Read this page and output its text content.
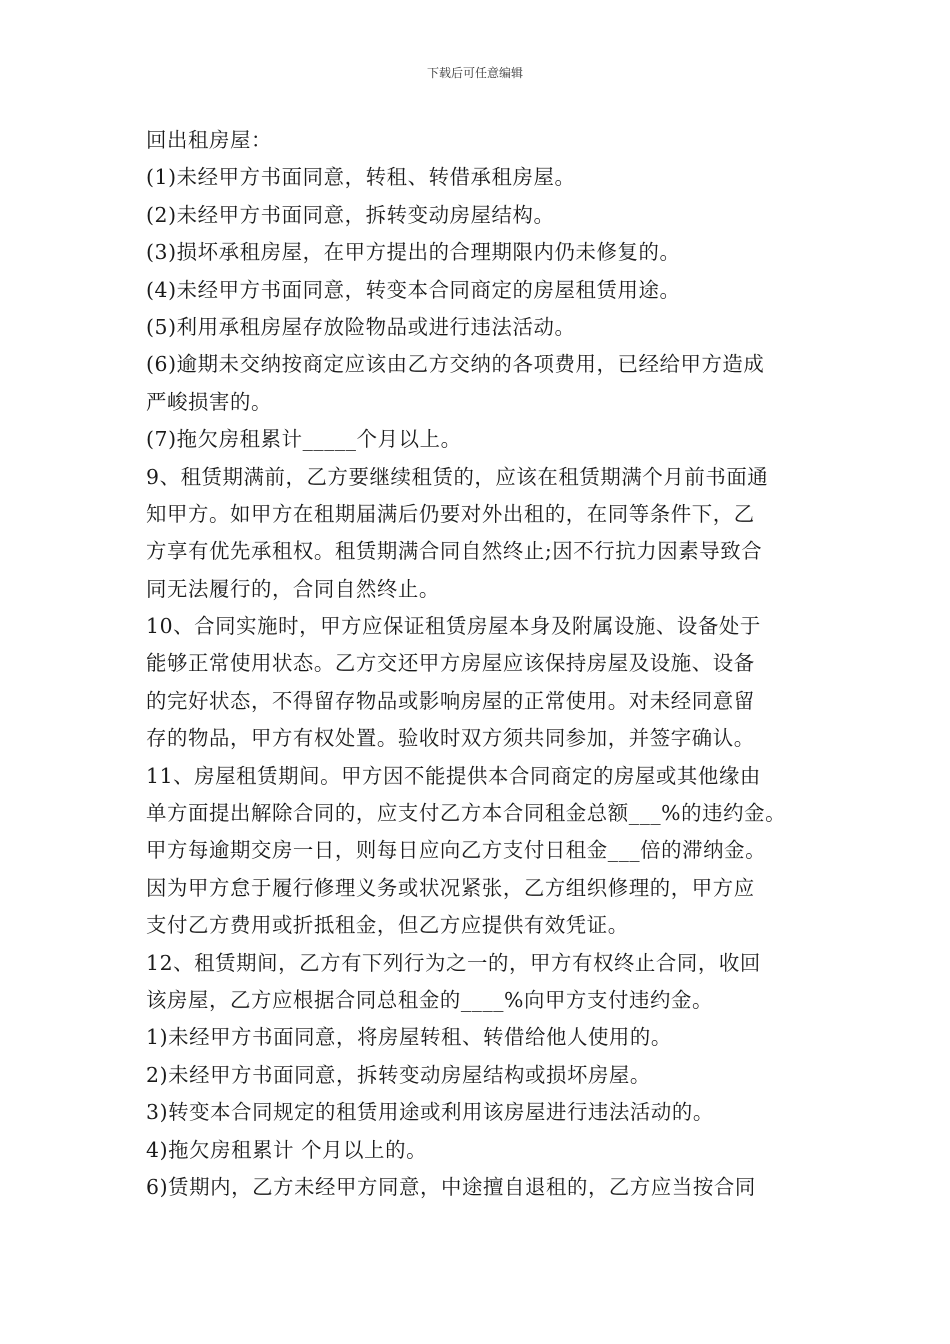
下载后可任意编辑
回出租房屋：
(1)未经甲方书面同意，转租、转借承租房屋。
(2)未经甲方书面同意，拆转变动房屋结构。
(3)损坏承租房屋，在甲方提出的合理期限内仍未修复的。
(4)未经甲方书面同意，转变本合同商定的房屋租赁用途。
(5)利用承租房屋存放险物品或进行违法活动。
(6)逾期未交纳按商定应该由乙方交纳的各项费用，已经给甲方造成
严峻损害的。
(7)拖欠房租累计_____个月以上。
9、租赁期满前，乙方要继续租赁的，应该在租赁期满个月前书面通
知甲方。如甲方在租期届满后仍要对外出租的，在同等条件下，乙
方享有优先承租权。租赁期满合同自然终止;因不行抗力因素导致合
同无法履行的，合同自然终止。
10、合同实施时，甲方应保证租赁房屋本身及附属设施、设备处于
能够正常使用状态。乙方交还甲方房屋应该保持房屋及设施、设备
的完好状态，不得留存物品或影响房屋的正常使用。对未经同意留
存的物品，甲方有权处置。验收时双方须共同参加，并签字确认。
11、房屋租赁期间。甲方因不能提供本合同商定的房屋或其他缘由
单方面提出解除合同的，应支付乙方本合同租金总额___%的违约金。
甲方每逾期交房一日，则每日应向乙方支付日租金___倍的滞纳金。
因为甲方怠于履行修理义务或状况紧张，乙方组织修理的，甲方应
支付乙方费用或折抵租金，但乙方应提供有效凭证。
12、租赁期间，乙方有下列行为之一的，甲方有权终止合同，收回
该房屋，乙方应根据合同总租金的____%向甲方支付违约金。
1)未经甲方书面同意，将房屋转租、转借给他人使用的。
2)未经甲方书面同意，拆转变动房屋结构或损坏房屋。
3)转变本合同规定的租赁用途或利用该房屋进行违法活动的。
4)拖欠房租累计 个月以上的。
6)赁期内，乙方未经甲方同意，中途擅自退租的，乙方应当按合同
